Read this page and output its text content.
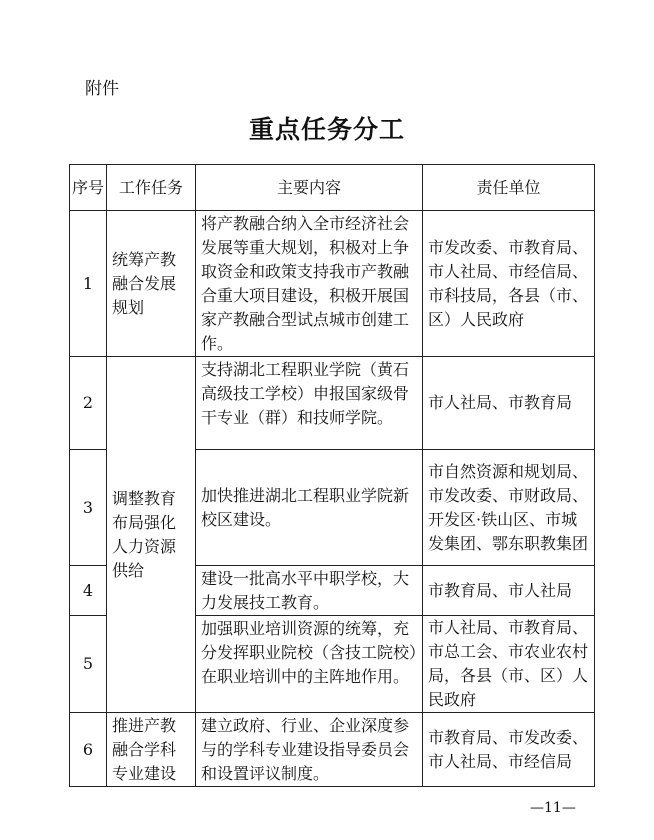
附件
重点任务分工
序号	工作任务	主要内容	责任单位
1	统筹产教融合发展规划	将产教融合纳入全市经济社会发展等重大规划，积极对上争取资金和政策支持我市产教融合重大项目建设，积极开展国家产教融合型试点城市创建工作。	市发改委、市教育局、市人社局、市经信局、市科技局，各县（市、区）人民政府
2	调整教育布局强化人力资源供给	支持湖北工程职业学院（黄石高级技工学校）申报国家级骨干专业（群）和技师学院。	市人社局、市教育局
3		加快推进湖北工程职业学院新校区建设。	市自然资源和规划局、市发改委、市财政局、开发区·铁山区、市城发集团、鄂东职教集团
4		建设一批高水平中职学校，大力发展技工教育。	市教育局、市人社局
5		加强职业培训资源的统筹，充分发挥职业院校（含技工院校）在职业培训中的主阵地作用。	市人社局、市教育局、市总工会、市农业农村局，各县（市、区）人民政府
6	推进产教融合学科专业建设	建立政府、行业、企业深度参与的学科专业建设指导委员会和设置评议制度。	市教育局、市发改委、市人社局、市经信局
—11—
